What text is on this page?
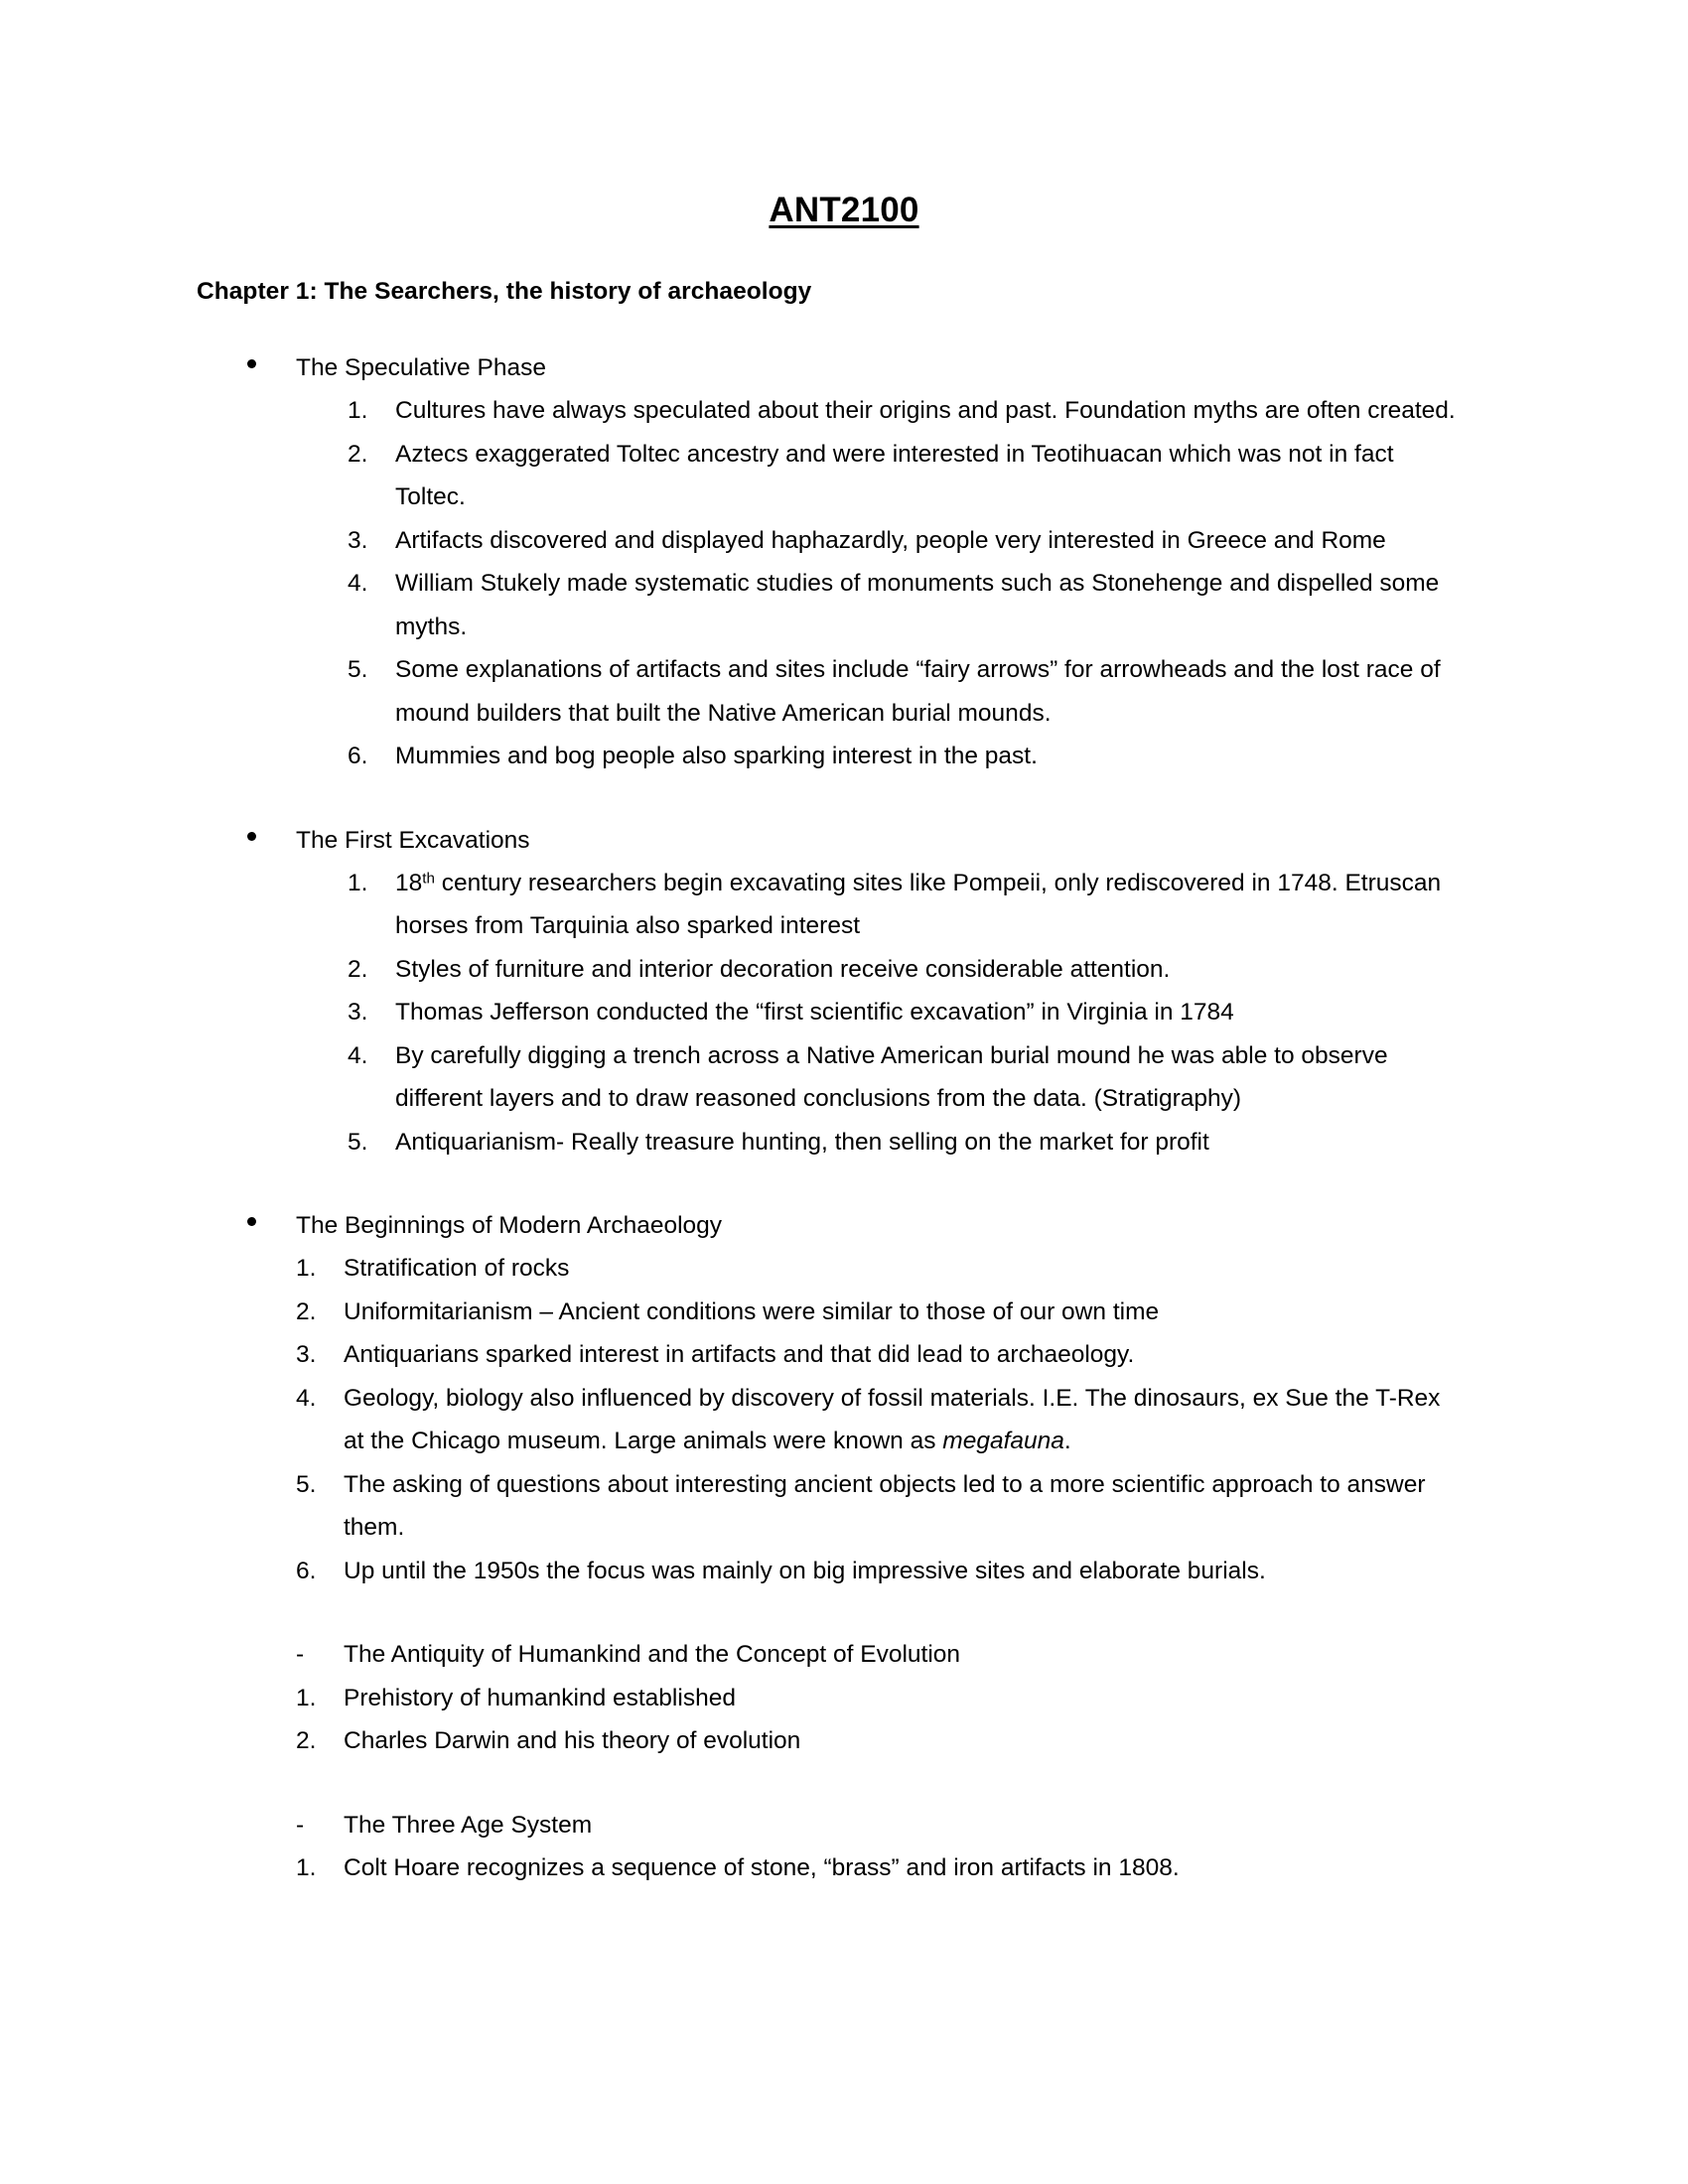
ANT2100
Chapter 1: The Searchers, the history of archaeology
The Speculative Phase
1.	Cultures have always speculated about their origins and past. Foundation myths are often created.
2.	Aztecs exaggerated Toltec ancestry and were interested in Teotihuacan which was not in fact Toltec.
3.	Artifacts discovered and displayed haphazardly, people very interested in Greece and Rome
4.	William Stukely made systematic studies of monuments such as Stonehenge and dispelled some myths.
5.	Some explanations of artifacts and sites include “fairy arrows” for arrowheads and the lost race of mound builders that built the Native American burial mounds.
6.	Mummies and bog people also sparking interest in the past.
The First Excavations
1.	18th century researchers begin excavating sites like Pompeii, only rediscovered in 1748. Etruscan horses from Tarquinia also sparked interest
2.	Styles of furniture and interior decoration receive considerable attention.
3.	Thomas Jefferson conducted the “first scientific excavation” in Virginia in 1784
4.	By carefully digging a trench across a Native American burial mound he was able to observe different layers and to draw reasoned conclusions from the data. (Stratigraphy)
5.	Antiquarianism- Really treasure hunting, then selling on the market for profit
The Beginnings of Modern Archaeology
1.	Stratification of rocks
2.	Uniformitarianism – Ancient conditions were similar to those of our own time
3.	Antiquarians sparked interest in artifacts and that did lead to archaeology.
4.	Geology, biology also influenced by discovery of fossil materials. I.E. The dinosaurs, ex Sue the T-Rex at the Chicago museum. Large animals were known as megafauna.
5.	The asking of questions about interesting ancient objects led to a more scientific approach to answer them.
6.	Up until the 1950s the focus was mainly on big impressive sites and elaborate burials.
-	The Antiquity of Humankind and the Concept of Evolution
1.	Prehistory of humankind established
2.	Charles Darwin and his theory of evolution
-	The Three Age System
1.	Colt Hoare recognizes a sequence of stone, “brass” and iron artifacts in 1808.
